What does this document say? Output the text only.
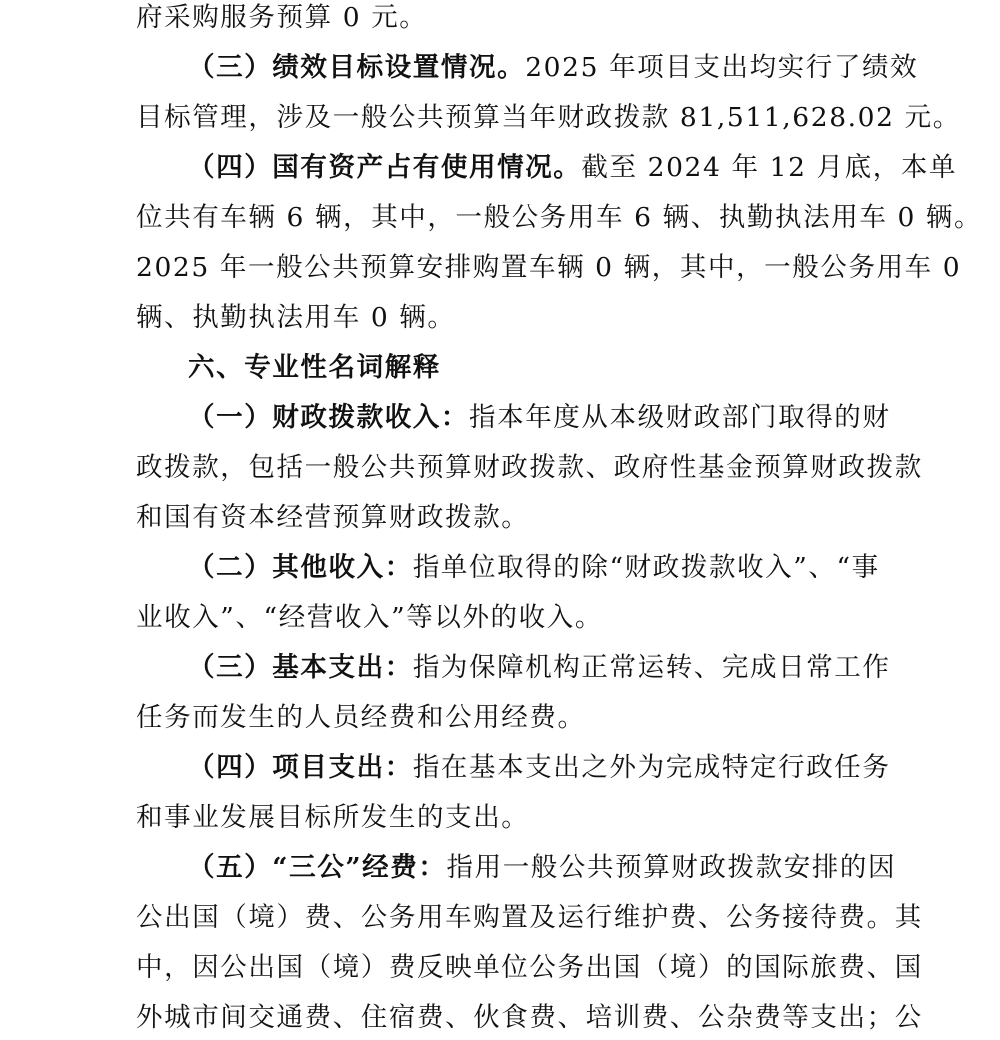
府采购服务预算 0 元。
（三）绩效目标设置情况。2025 年项目支出均实行了绩效
目标管理，涉及一般公共预算当年财政拨款 81,511,628.02 元。
（四）国有资产占有使用情况。截至 2024 年 12 月底，本单
位共有车辆 6 辆，其中，一般公务用车 6 辆、执勤执法用车 0 辆。
2025 年一般公共预算安排购置车辆 0 辆，其中，一般公务用车 0
辆、执勤执法用车 0 辆。
六、专业性名词解释
（一）财政拨款收入：指本年度从本级财政部门取得的财
政拨款，包括一般公共预算财政拨款、政府性基金预算财政拨款
和国有资本经营预算财政拨款。
（二）其他收入：指单位取得的除“财政拨款收入”、“事
业收入”、“经营收入”等以外的收入。
（三）基本支出：指为保障机构正常运转、完成日常工作
任务而发生的人员经费和公用经费。
（四）项目支出：指在基本支出之外为完成特定行政任务
和事业发展目标所发生的支出。
（五）“三公”经费：指用一般公共预算财政拨款安排的因
公出国（境）费、公务用车购置及运行维护费、公务接待费。其
中，因公出国（境）费反映单位公务出国（境）的国际旅费、国
外城市间交通费、住宿费、伙食费、培训费、公杂费等支出；公
